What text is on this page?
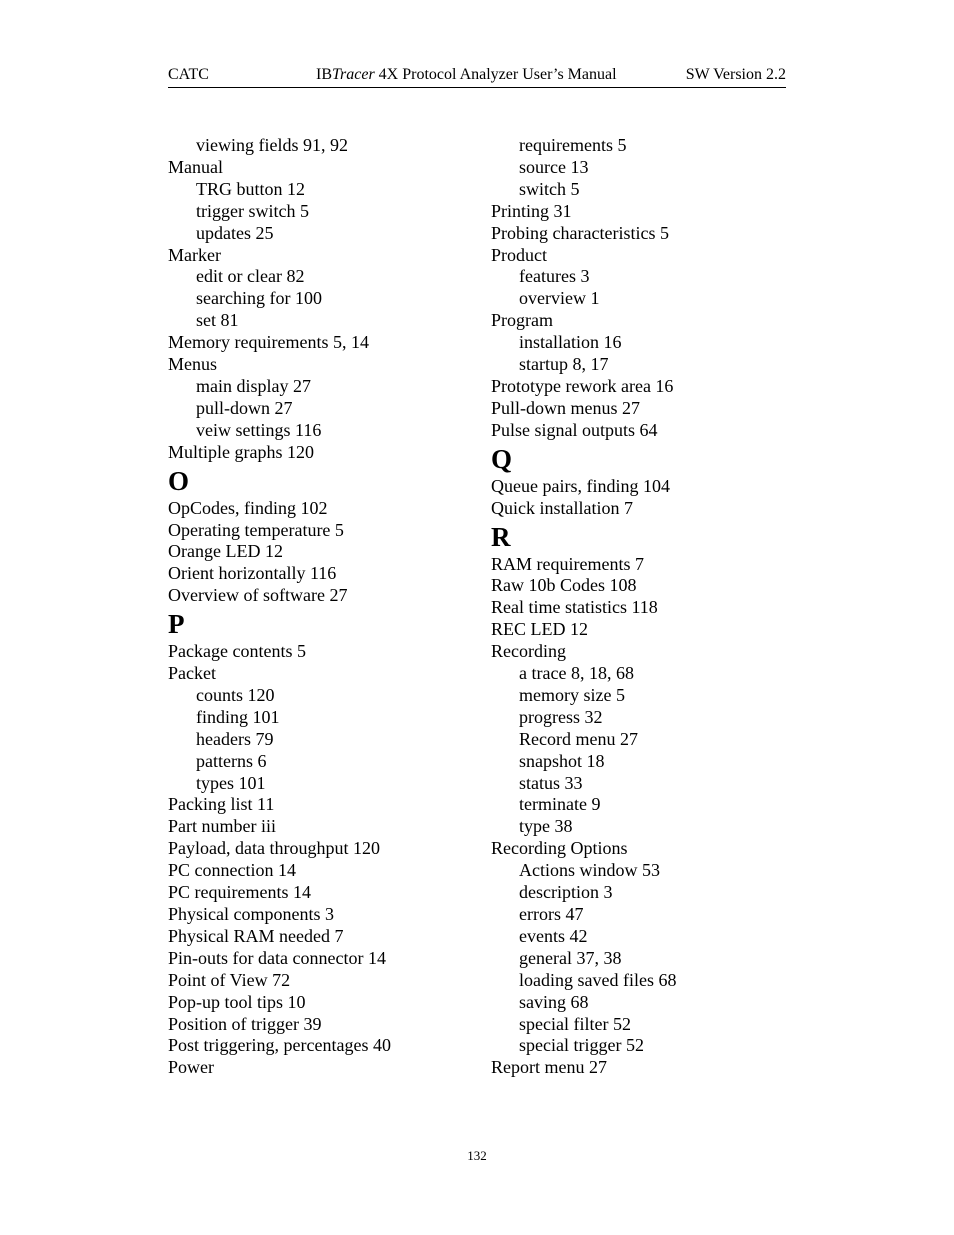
CATC	IBTracer 4X Protocol Analyzer User’s Manual	SW Version 2.2
viewing fields 91, 92
Manual
TRG button 12
trigger switch 5
updates 25
Marker
edit or clear 82
searching for 100
set 81
Memory requirements 5, 14
Menus
main display 27
pull-down 27
veiw settings 116
Multiple graphs 120
O
OpCodes, finding 102
Operating temperature 5
Orange LED 12
Orient horizontally 116
Overview of software 27
P
Package contents 5
Packet
counts 120
finding 101
headers 79
patterns 6
types 101
Packing list 11
Part number iii
Payload, data throughput 120
PC connection 14
PC requirements 14
Physical components 3
Physical RAM needed 7
Pin-outs for data connector 14
Point of View 72
Pop-up tool tips 10
Position of trigger 39
Post triggering, percentages 40
Power
requirements 5
source 13
switch 5
Printing 31
Probing characteristics 5
Product
features 3
overview 1
Program
installation 16
startup 8, 17
Prototype rework area 16
Pull-down menus 27
Pulse signal outputs 64
Q
Queue pairs, finding 104
Quick installation 7
R
RAM requirements 7
Raw 10b Codes 108
Real time statistics 118
REC LED 12
Recording
a trace 8, 18, 68
memory size 5
progress 32
Record menu 27
snapshot 18
status 33
terminate 9
type 38
Recording Options
Actions window 53
description 3
errors 47
events 42
general 37, 38
loading saved files 68
saving 68
special filter 52
special trigger 52
Report menu 27
132
